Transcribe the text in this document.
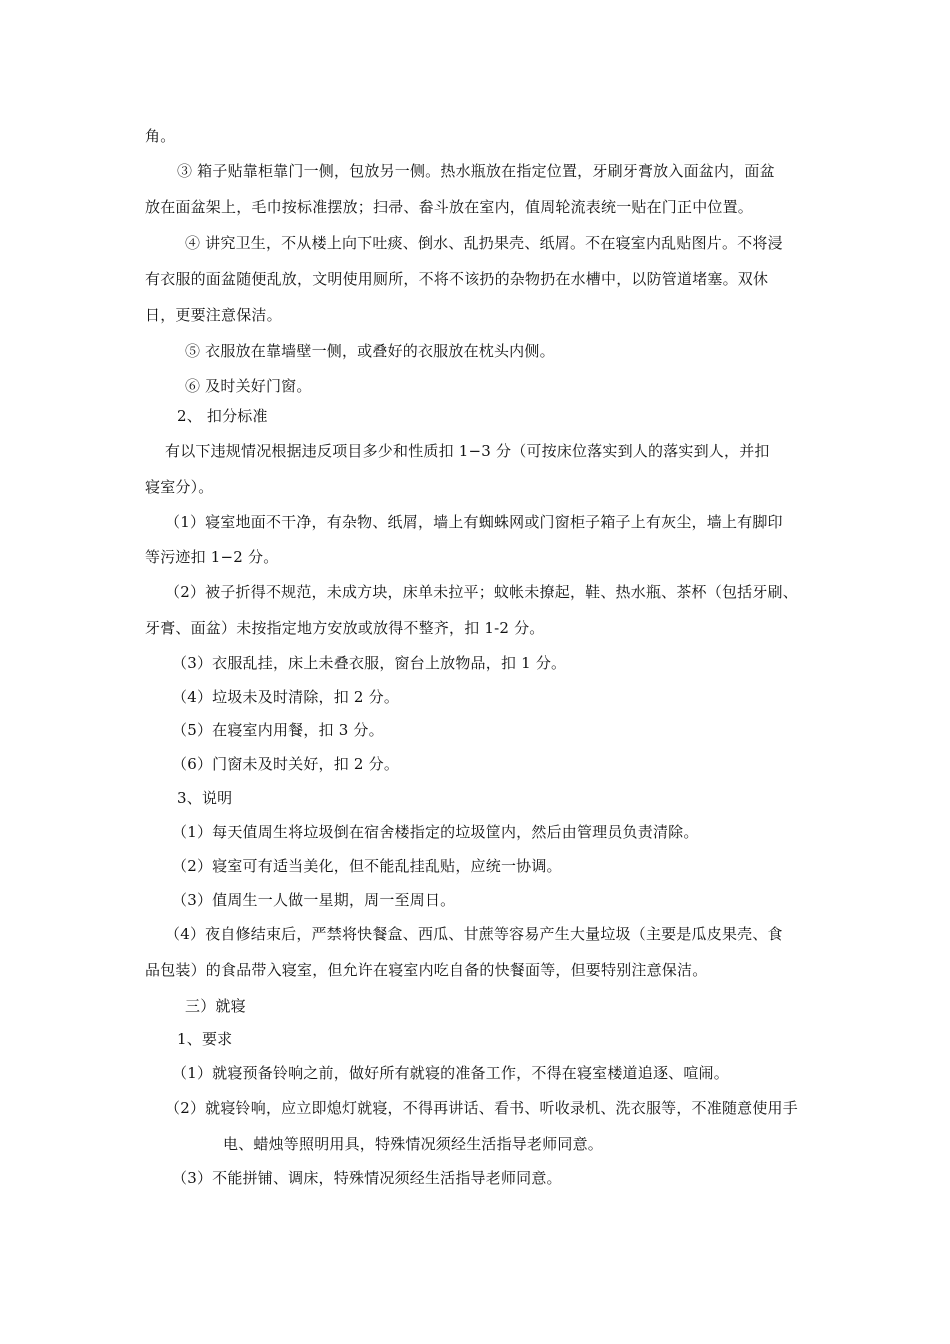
角。
③ 箱子贴靠柜靠门一侧，包放另一侧。热水瓶放在指定位置，牙刷牙膏放入面盆内，面盆
放在面盆架上，毛巾按标准摆放；扫帚、畚斗放在室内，值周轮流表统一贴在门正中位置。
④ 讲究卫生，不从楼上向下吐痰、倒水、乱扔果壳、纸屑。不在寝室内乱贴图片。不将浸
有衣服的面盆随便乱放，文明使用厕所，不将不该扔的杂物扔在水槽中，以防管道堵塞。双休
日，更要注意保洁。
⑤ 衣服放在靠墙壁一侧，或叠好的衣服放在枕头内侧。
⑥ 及时关好门窗。
2、 扣分标准
有以下违规情况根据违反项目多少和性质扣 1−3 分（可按床位落实到人的落实到人，并扣
寝室分）。
（1）寝室地面不干净，有杂物、纸屑，墙上有蜘蛛网或门窗柜子箱子上有灰尘，墙上有脚印
等污迹扣 1−2 分。
（2）被子折得不规范，未成方块，床单未拉平；蚊帐未撩起，鞋、热水瓶、茶杯（包括牙刷、
牙膏、面盆）未按指定地方安放或放得不整齐，扣 1-2 分。
（3）衣服乱挂，床上未叠衣服，窗台上放物品，扣 1 分。
（4）垃圾未及时清除，扣 2 分。
（5）在寝室内用餐，扣 3 分。
（6）门窗未及时关好，扣 2 分。
3、说明
（1）每天值周生将垃圾倒在宿舍楼指定的垃圾筐内，然后由管理员负责清除。
（2）寝室可有适当美化，但不能乱挂乱贴，应统一协调。
（3）值周生一人做一星期，周一至周日。
（4）夜自修结束后，严禁将快餐盒、西瓜、甘蔗等容易产生大量垃圾（主要是瓜皮果壳、食
品包装）的食品带入寝室，但允许在寝室内吃自备的快餐面等，但要特别注意保洁。
三）就寝
1、要求
（1）就寝预备铃响之前，做好所有就寝的准备工作，不得在寝室楼道追逐、喧闹。
（2）就寝铃响，应立即熄灯就寝，不得再讲话、看书、听收录机、洗衣服等，不准随意使用手
电、蜡烛等照明用具，特殊情况须经生活指导老师同意。
（3）不能拼铺、调床，特殊情况须经生活指导老师同意。
